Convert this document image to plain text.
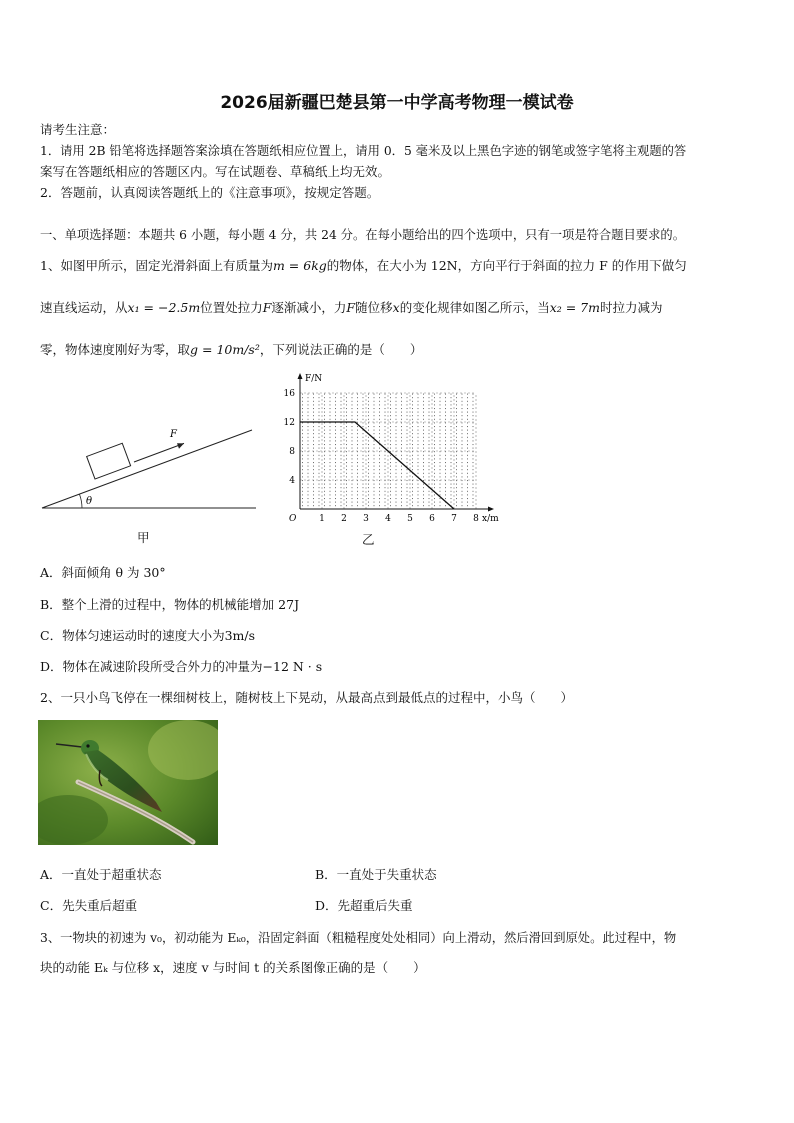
2026届新疆巴楚县第一中学高考物理一模试卷
请考生注意：
1．请用 2B 铅笔将选择题答案涂填在答题纸相应位置上，请用 0．5 毫米及以上黑色字迹的钢笔或签字笔将主观题的答
案写在答题纸相应的答题区内。写在试题卷、草稿纸上均无效。
2．答题前，认真阅读答题纸上的《注意事项》，按规定答题。
一、单项选择题：本题共 6 小题，每小题 4 分，共 24 分。在每小题给出的四个选项中，只有一项是符合题目要求的。
1、如图甲所示，固定光滑斜面上有质量为m = 6kg的物体，在大小为 12N，方向平行于斜面的拉力 F 的作用下做匀
速直线运动，从x₁ = −2.5m位置处拉力F逐渐减小，力F随位移x的变化规律如图乙所示，当x₂ = 7m时拉力减为
零，物体速度刚好为零，取g = 10m/s²，下列说法正确的是（　　）
θ
F
甲
4
8
12
16
1 2 3 4 5 6 7 8
O
F/N
x/m
乙
A．斜面倾角 θ 为 30°
B．整个上滑的过程中，物体的机械能增加 27J
C．物体匀速运动时的速度大小为3m/s
D．物体在减速阶段所受合外力的冲量为−12 N · s
2、一只小鸟飞停在一棵细树枝上，随树枝上下晃动，从最高点到最低点的过程中，小鸟（　　）
A．一直处于超重状态	B．一直处于失重状态
C．先失重后超重	D．先超重后失重
3、一物块的初速为 v₀，初动能为 Eₖ₀，沿固定斜面（粗糙程度处处相同）向上滑动，然后滑回到原处。此过程中，物
块的动能 Eₖ 与位移 x，速度 v 与时间 t 的关系图像正确的是（　　）
